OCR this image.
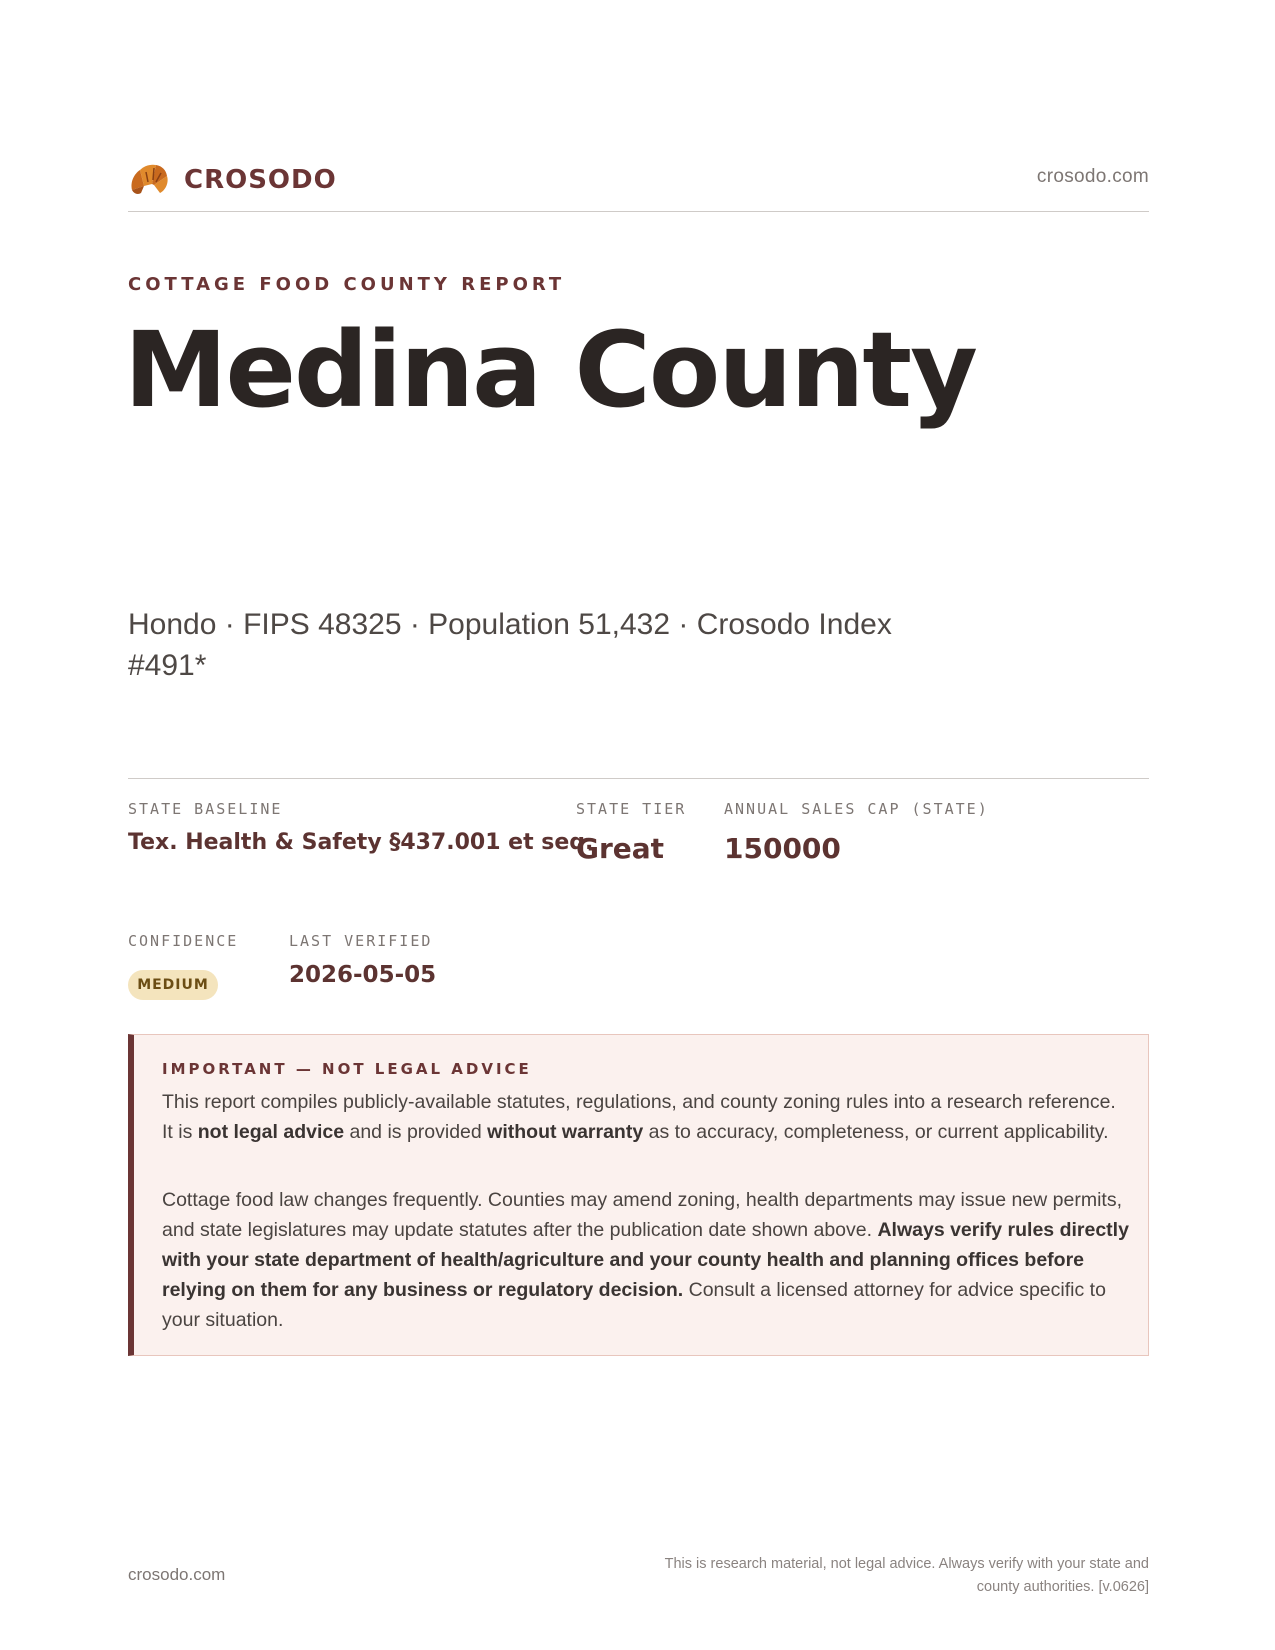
CROSODO	crosodo.com
COTTAGE FOOD COUNTY REPORT
Medina County
Hondo · FIPS 48325 · Population 51,432 · Crosodo Index #491*
STATE BASELINE
Tex. Health & Safety §437.001 et seq.
STATE TIER
Great
ANNUAL SALES CAP (STATE)
150000
CONFIDENCE
MEDIUM
LAST VERIFIED
2026-05-05
IMPORTANT — NOT LEGAL ADVICE

This report compiles publicly-available statutes, regulations, and county zoning rules into a research reference. It is not legal advice and is provided without warranty as to accuracy, completeness, or current applicability.

Cottage food law changes frequently. Counties may amend zoning, health departments may issue new permits, and state legislatures may update statutes after the publication date shown above. Always verify rules directly with your state department of health/agriculture and your county health and planning offices before relying on them for any business or regulatory decision. Consult a licensed attorney for advice specific to your situation.

crosodo.com
This is research material, not legal advice. Always verify with your state and county authorities. [v.0626]
